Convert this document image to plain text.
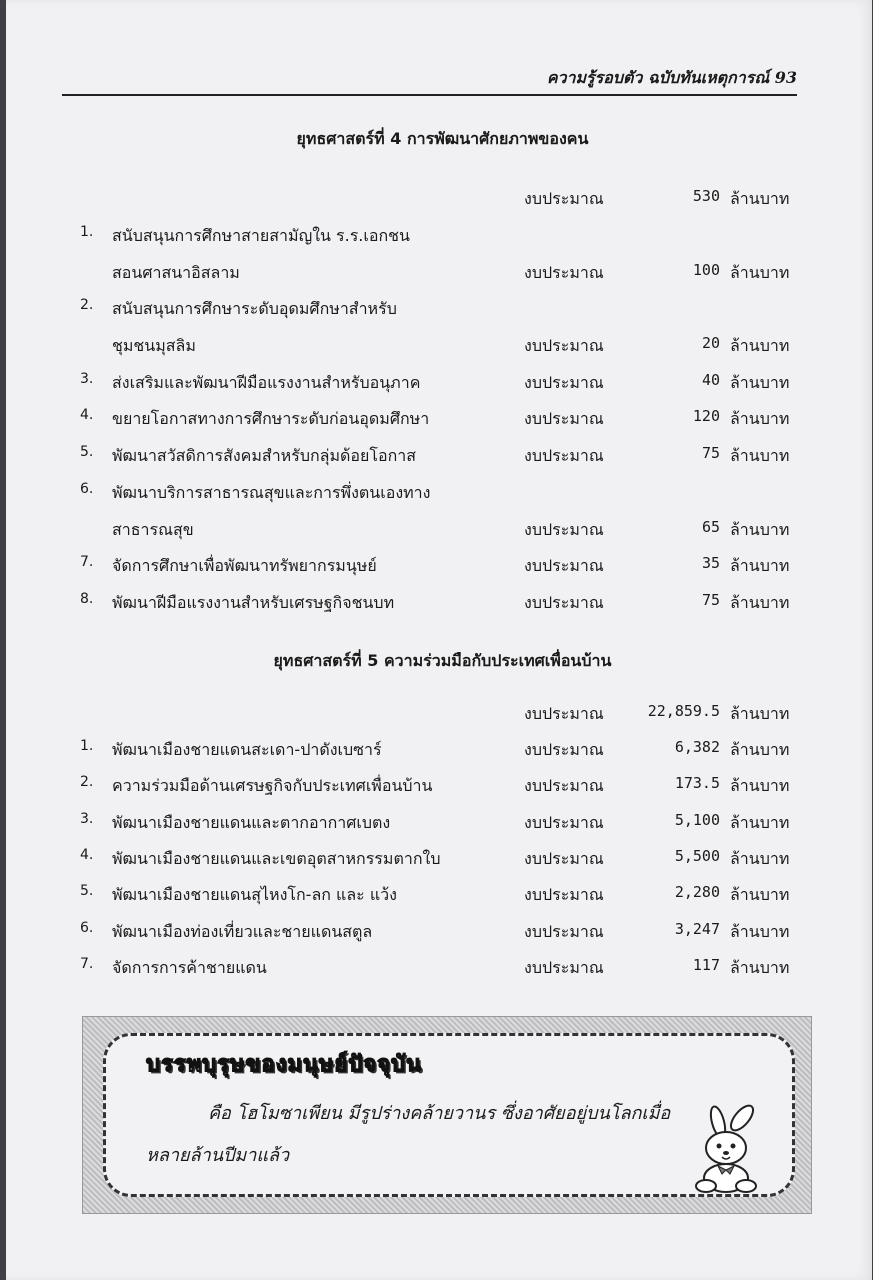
ความรู้รอบตัว ฉบับทันเหตุการณ์ 93
ยุทธศาสตร์ที่ 4 การพัฒนาศักยภาพของคน
งบประมาณ	530 ล้านบาท
1. สนับสนุนการศึกษาสายสามัญใน ร.ร.เอกชน
สอนศาสนาอิสลาม	งบประมาณ	100 ล้านบาท
2. สนับสนุนการศึกษาระดับอุดมศึกษาสำหรับ
ชุมชนมุสลิม	งบประมาณ	20 ล้านบาท
3. ส่งเสริมและพัฒนาฝีมือแรงงานสำหรับอนุภาค	งบประมาณ	40 ล้านบาท
4. ขยายโอกาสทางการศึกษาระดับก่อนอุดมศึกษา	งบประมาณ	120 ล้านบาท
5. พัฒนาสวัสดิการสังคมสำหรับกลุ่มด้อยโอกาส	งบประมาณ	75 ล้านบาท
6. พัฒนาบริการสาธารณสุขและการพึ่งตนเองทาง
สาธารณสุข	งบประมาณ	65 ล้านบาท
7. จัดการศึกษาเพื่อพัฒนาทรัพยากรมนุษย์	งบประมาณ	35 ล้านบาท
8. พัฒนาฝีมือแรงงานสำหรับเศรษฐกิจชนบท	งบประมาณ	75 ล้านบาท
ยุทธศาสตร์ที่ 5 ความร่วมมือกับประเทศเพื่อนบ้าน
งบประมาณ	22,859.5 ล้านบาท
1. พัฒนาเมืองชายแดนสะเดา-ปาดังเบซาร์	งบประมาณ	6,382 ล้านบาท
2. ความร่วมมือด้านเศรษฐกิจกับประเทศเพื่อนบ้าน	งบประมาณ	173.5 ล้านบาท
3. พัฒนาเมืองชายแดนและตากอากาศเบตง	งบประมาณ	5,100 ล้านบาท
4. พัฒนาเมืองชายแดนและเขตอุตสาหกรรมตากใบ	งบประมาณ	5,500 ล้านบาท
5. พัฒนาเมืองชายแดนสุไหงโก-ลก และ แว้ง	งบประมาณ	2,280 ล้านบาท
6. พัฒนาเมืองท่องเที่ยวและชายแดนสตูล	งบประมาณ	3,247 ล้านบาท
7. จัดการการค้าชายแดน	งบประมาณ	117 ล้านบาท
บรรพบุรุษของมนุษย์ปัจจุบัน
คือ โฮโมซาเพียน มีรูปร่างคล้ายวานร ซึ่งอาศัยอยู่บนโลกเมื่อ
หลายล้านปีมาแล้ว
